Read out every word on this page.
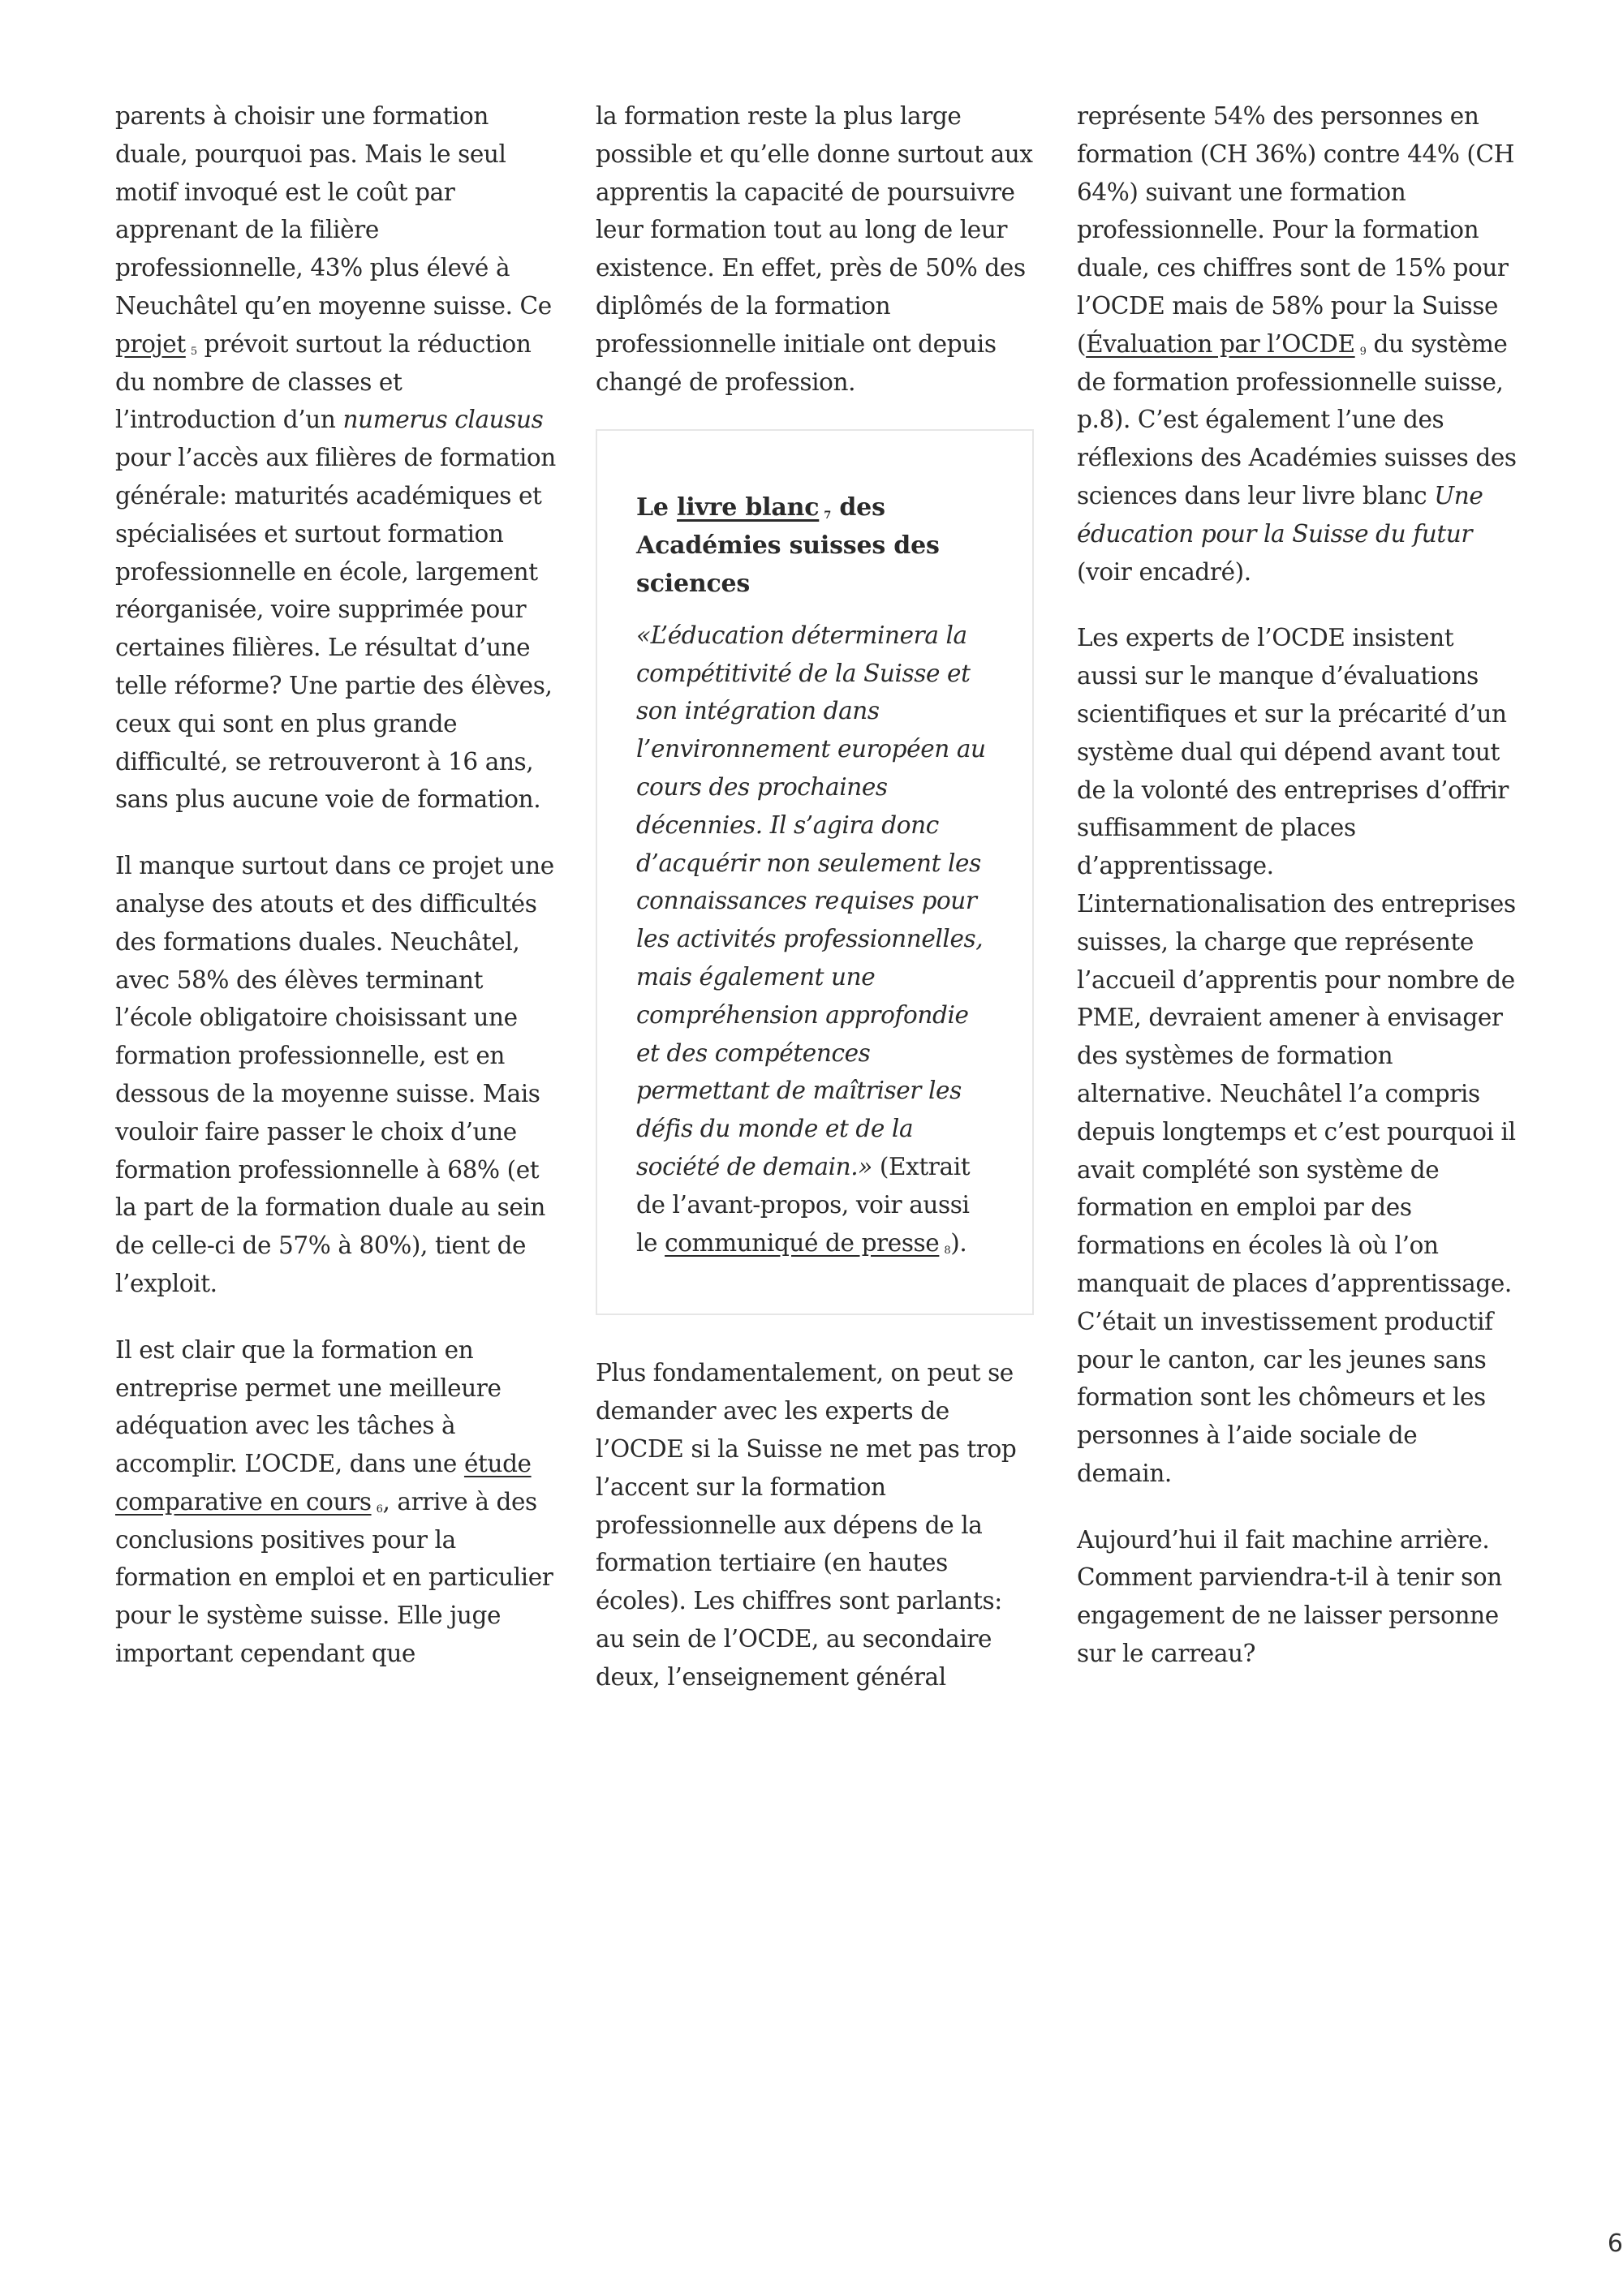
parents à choisir une formation duale, pourquoi pas. Mais le seul motif invoqué est le coût par apprenant de la filière professionnelle, 43% plus élevé à Neuchâtel qu’en moyenne suisse. Ce projet $^5$ prévoit surtout la réduction du nombre de classes et l’introduction d’un numerus clausus pour l’accès aux filières de formation générale: maturités académiques et spécialisées et surtout formation professionnelle en école, largement réorganisée, voire supprimée pour certaines filières. Le résultat d’une telle réforme? Une partie des élèves, ceux qui sont en plus grande difficulté, se retrouveront à 16 ans, sans plus aucune voie de formation.

Il manque surtout dans ce projet une analyse des atouts et des difficultés des formations duales. Neuchâtel, avec 58% des élèves terminant l’école obligatoire choisissant une formation professionnelle, est en dessous de la moyenne suisse. Mais vouloir faire passer le choix d’une formation professionnelle à 68% (et la part de la formation duale au sein de celle-ci de 57% à 80%), tient de l’exploit.

Il est clair que la formation en entreprise permet une meilleure adéquation avec les tâches à accomplir. L’OCDE, dans une étude comparative en cours $^6$, arrive à des conclusions positives pour la formation en emploi et en particulier pour le système suisse. Elle juge important cependant que

la formation reste la plus large possible et qu’elle donne surtout aux apprentis la capacité de poursuivre leur formation tout au long de leur existence. En effet, près de 50% des diplômés de la formation professionnelle initiale ont depuis changé de profession.

Le livre blanc $^7$ des Académies suisses des sciences

«L’éducation déterminera la compétitivité de la Suisse et son intégration dans l’environnement européen au cours des prochaines décennies. Il s’agira donc d’acquérir non seulement les connaissances requises pour les activités professionnelles, mais également une compréhension approfondie et des compétences permettant de maîtriser les défis du monde et de la société de demain.» (Extrait de l’avant-propos, voir aussi le communiqué de presse $^8$).

Plus fondamentalement, on peut se demander avec les experts de l’OCDE si la Suisse ne met pas trop l’accent sur la formation professionnelle aux dépens de la formation tertiaire (en hautes écoles). Les chiffres sont parlants: au sein de l’OCDE, au secondaire deux, l’enseignement général

représente 54% des personnes en formation (CH 36%) contre 44% (CH 64%) suivant une formation professionnelle. Pour la formation duale, ces chiffres sont de 15% pour l’OCDE mais de 58% pour la Suisse (Évaluation par l’OCDE $^9$ du système de formation professionnelle suisse, p.8). C’est également l’une des réflexions des Académies suisses des sciences dans leur livre blanc Une éducation pour la Suisse du futur (voir encadré).

Les experts de l’OCDE insistent aussi sur le manque d’évaluations scientifiques et sur la précarité d’un système dual qui dépend avant tout de la volonté des entreprises d’offrir suffisamment de places d’apprentissage. L’internationalisation des entreprises suisses, la charge que représente l’accueil d’apprentis pour nombre de PME, devraient amener à envisager des systèmes de formation alternative. Neuchâtel l’a compris depuis longtemps et c’est pourquoi il avait complété son système de formation en emploi par des formations en écoles là où l’on manquait de places d’apprentissage. C’était un investissement productif pour le canton, car les jeunes sans formation sont les chômeurs et les personnes à l’aide sociale de demain.

Aujourd’hui il fait machine arrière. Comment parviendra-t-il à tenir son engagement de ne laisser personne sur le carreau?

6
